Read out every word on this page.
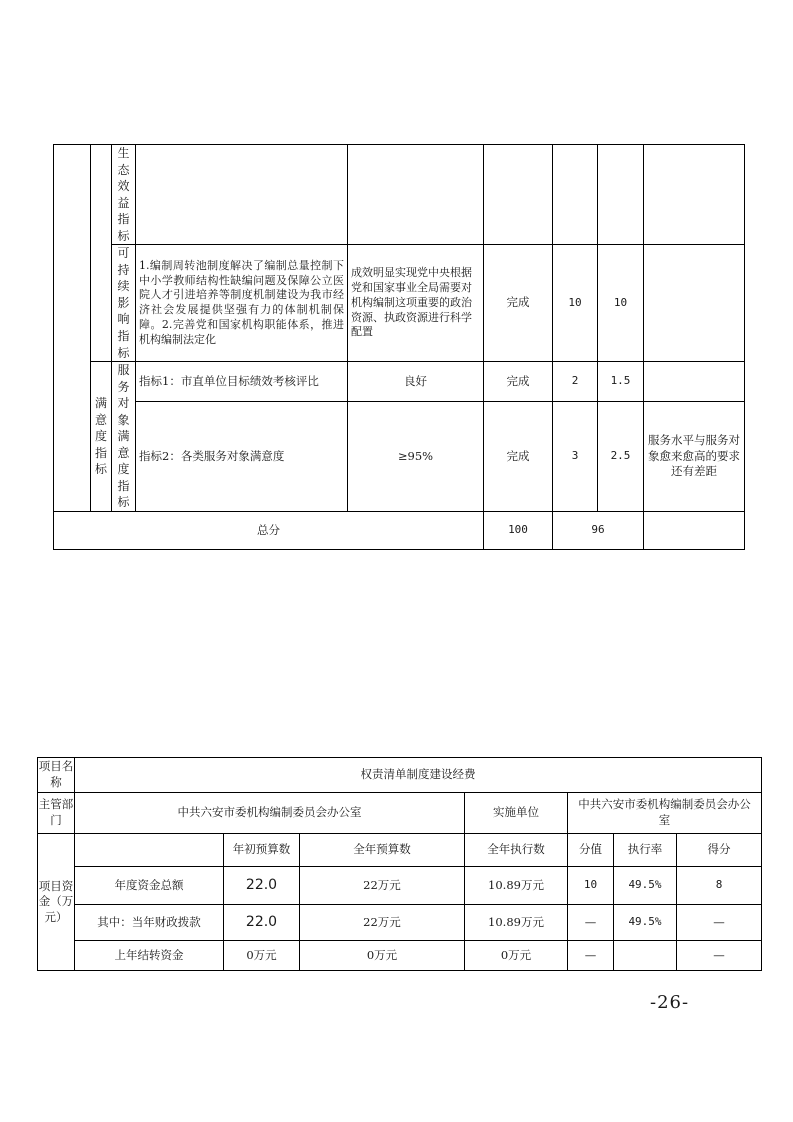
		生态效益指标						
		可持续影响指标	1.编制周转池制度解决了编制总量控制下中小学教师结构性缺编问题及保障公立医院人才引进培养等制度机制建设为我市经济社会发展提供坚强有力的体制机制保障。2.完善党和国家机构职能体系，推进机构编制法定化	成效明显实现党中央根据党和国家事业全局需要对机构编制这项重要的政治资源、执政资源进行科学配置	完成	10	10	
	满意度指标	服务对象满意度指标	指标1：市直单位目标绩效考核评比	良好	完成	2	1.5	
			指标2：各类服务对象满意度	≥95%	完成	3	2.5	服务水平与服务对象愈来愈高的要求还有差距
总分					100	96		
项目名称	权责清单制度建设经费						
主管部门	中共六安市委机构编制委员会办公室			实施单位	中共六安市委机构编制委员会办公室		
项目资金（万元）		年初预算数	全年预算数	全年执行数	分值	执行率	得分
	年度资金总额	22.0	22万元	10.89万元	10	49.5%	8
	其中：当年财政拨款	22.0	22万元	10.89万元	—	49.5%	—
	上年结转资金	0万元	0万元	0万元	—		—
-26-
